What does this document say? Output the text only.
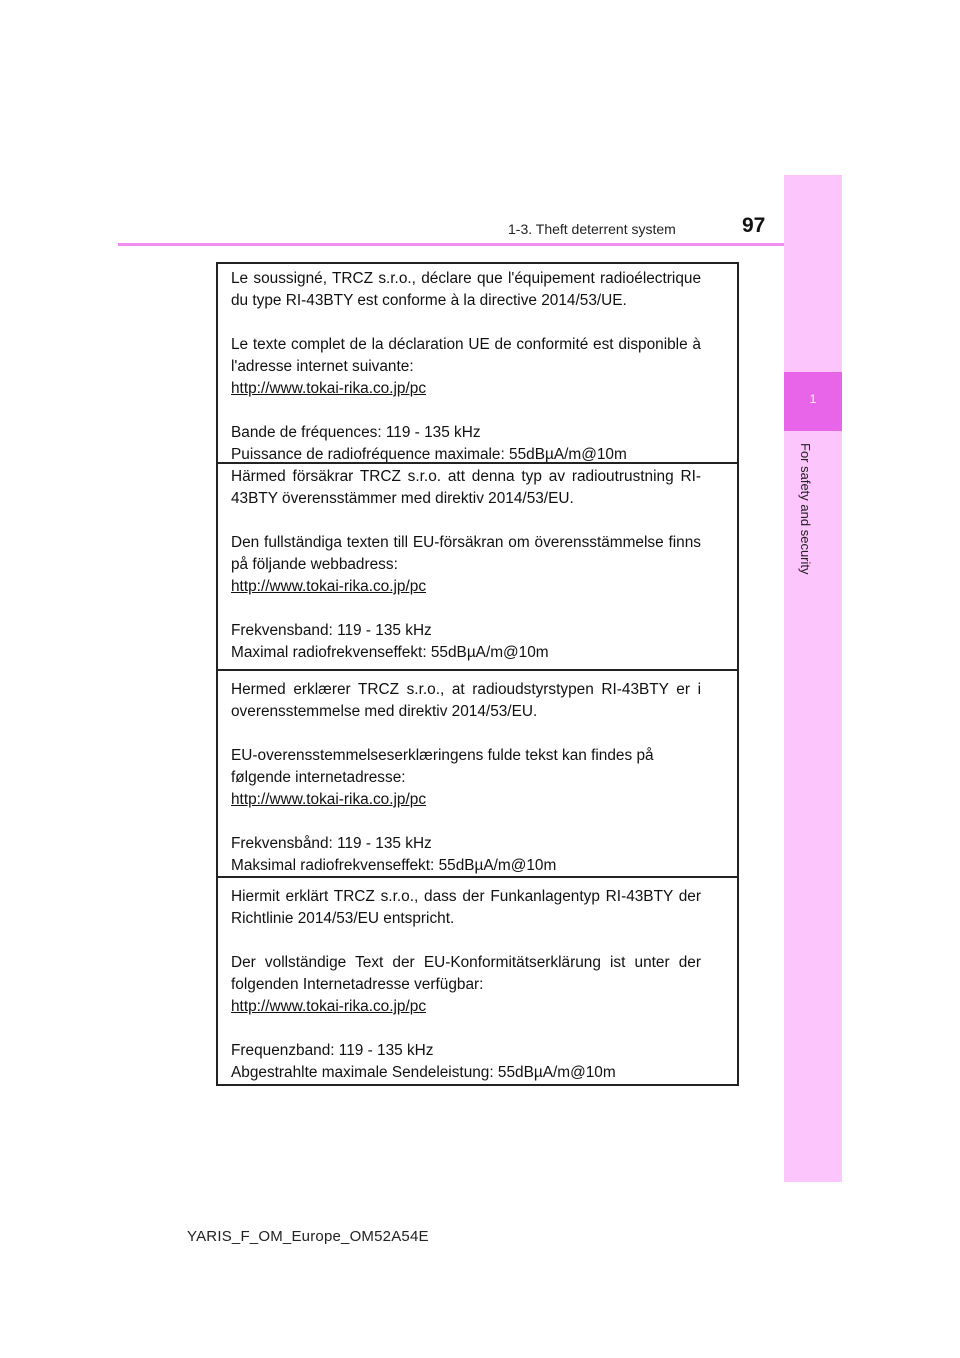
1-3. Theft deterrent system	97
1
For safety and security

Le soussigné, TRCZ s.r.o., déclare que l'équipement radioélectrique du type RI-43BTY est conforme à la directive 2014/53/UE.

Le texte complet de la déclaration UE de conformité est disponible à l'adresse internet suivante:

http://www.tokai-rika.co.jp/pc

Bande de fréquences: 119 - 135 kHz

Puissance de radiofréquence maximale: 55dBµA/m@10m

Härmed försäkrar TRCZ s.r.o. att denna typ av radioutrustning RI-43BTY överensstämmer med direktiv 2014/53/EU.

Den fullständiga texten till EU-försäkran om överensstämmelse finns på följande webbadress:

http://www.tokai-rika.co.jp/pc

Frekvensband: 119 - 135 kHz

Maximal radiofrekvenseffekt: 55dBµA/m@10m

Hermed erklærer TRCZ s.r.o., at radioudstyrstypen RI-43BTY er i overensstemmelse med direktiv 2014/53/EU.

EU-overensstemmelseserklæringens fulde tekst kan findes på følgende internetadresse:

http://www.tokai-rika.co.jp/pc

Frekvensbånd: 119 - 135 kHz

Maksimal radiofrekvenseffekt: 55dBµA/m@10m

Hiermit erklärt TRCZ s.r.o., dass der Funkanlagentyp RI-43BTY der Richtlinie 2014/53/EU entspricht.

Der vollständige Text der EU-Konformitätserklärung ist unter der folgenden Internetadresse verfügbar:

http://www.tokai-rika.co.jp/pc

Frequenzband: 119 - 135 kHz

Abgestrahlte maximale Sendeleistung: 55dBµA/m@10m

YARIS_F_OM_Europe_OM52A54E
